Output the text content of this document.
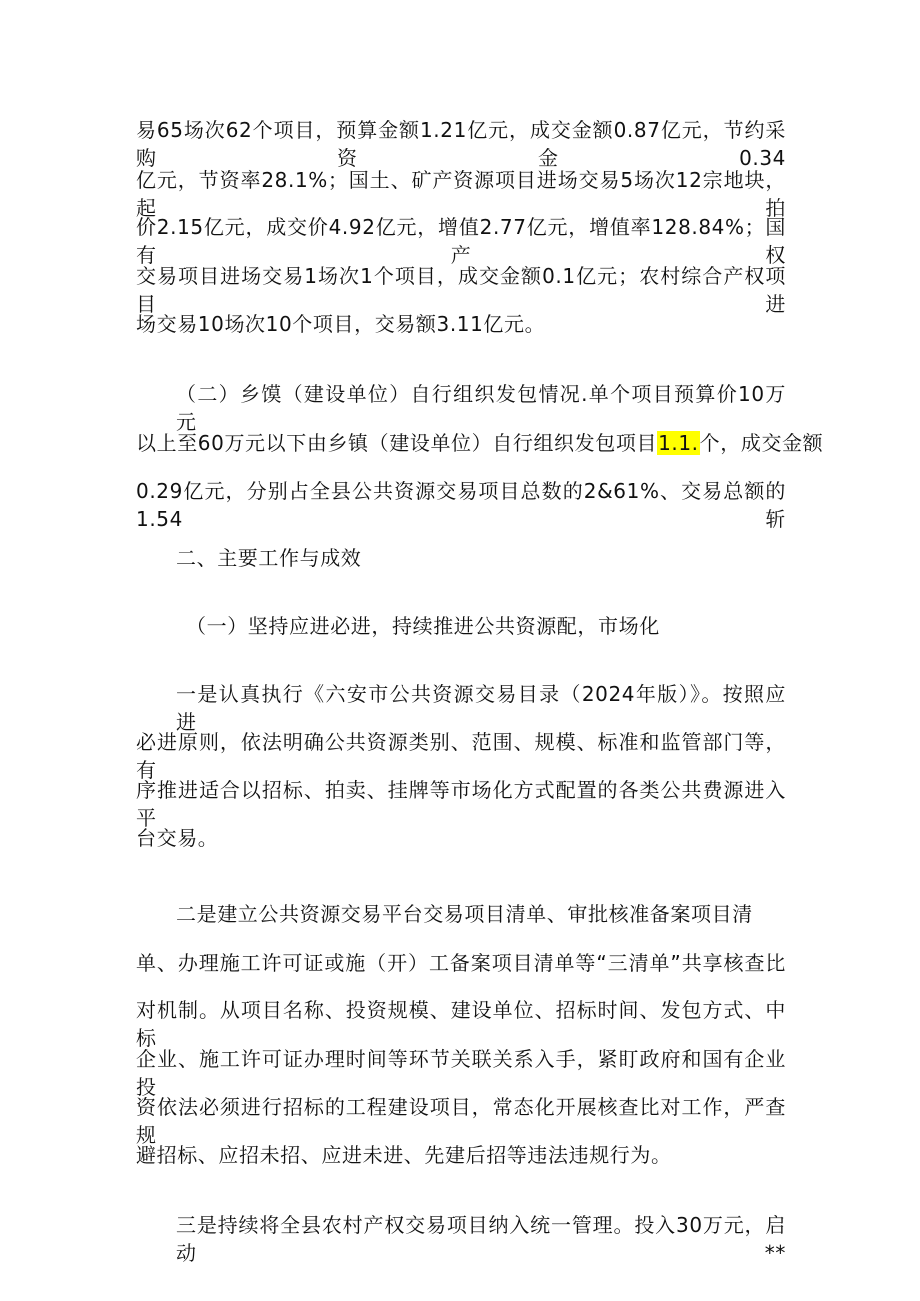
易65场次62个项目，预算金额1.21亿元，成交金额0.87亿元，节约采购资金0.34
亿元，节资率28.1%；国土、矿产资源项目进场交易5场次12宗地块，起拍
价2.15亿元，成交价4.92亿元，增值2.77亿元，增值率128.84%；国有产权
交易项目进场交易1场次1个项目，成交金额0.1亿元；农村综合产权项目进
场交易10场次10个项目，交易额3.11亿元。
（二）乡馍（建设单位）自行组织发包情况.单个项目预算价10万元
以上至60万元以下由乡镇（建设单位）自行组织发包项目1.1.个，成交金额
0.29亿元，分别占全县公共资源交易项目总数的2&61%、交易总额的1.54斩
二、主要工作与成效
（一）坚持应进必进，持续推进公共资源配，市场化
一是认真执行《六安市公共资源交易目录（2024年版）》。按照应进
必进原则，依法明确公共资源类别、范围、规模、标准和监管部门等，有
序推进适合以招标、拍卖、挂牌等市场化方式配置的各类公共费源进入平
台交易。
二是建立公共资源交易平台交易项目清单、审批核准备案项目清
单、办理施工许可证或施（开）工备案项目清单等“三清单”共享核查比
对机制。从项目名称、投资规模、建设单位、招标时间、发包方式、中标
企业、施工许可证办理时间等环节关联关系入手，紧盯政府和国有企业投
资依法必须进行招标的工程建设项目，常态化开展核查比对工作，严查规
避招标、应招未招、应进未进、先建后招等违法违规行为。
三是持续将全县农村产权交易项目纳入统一管理。投入30万元，启动**
